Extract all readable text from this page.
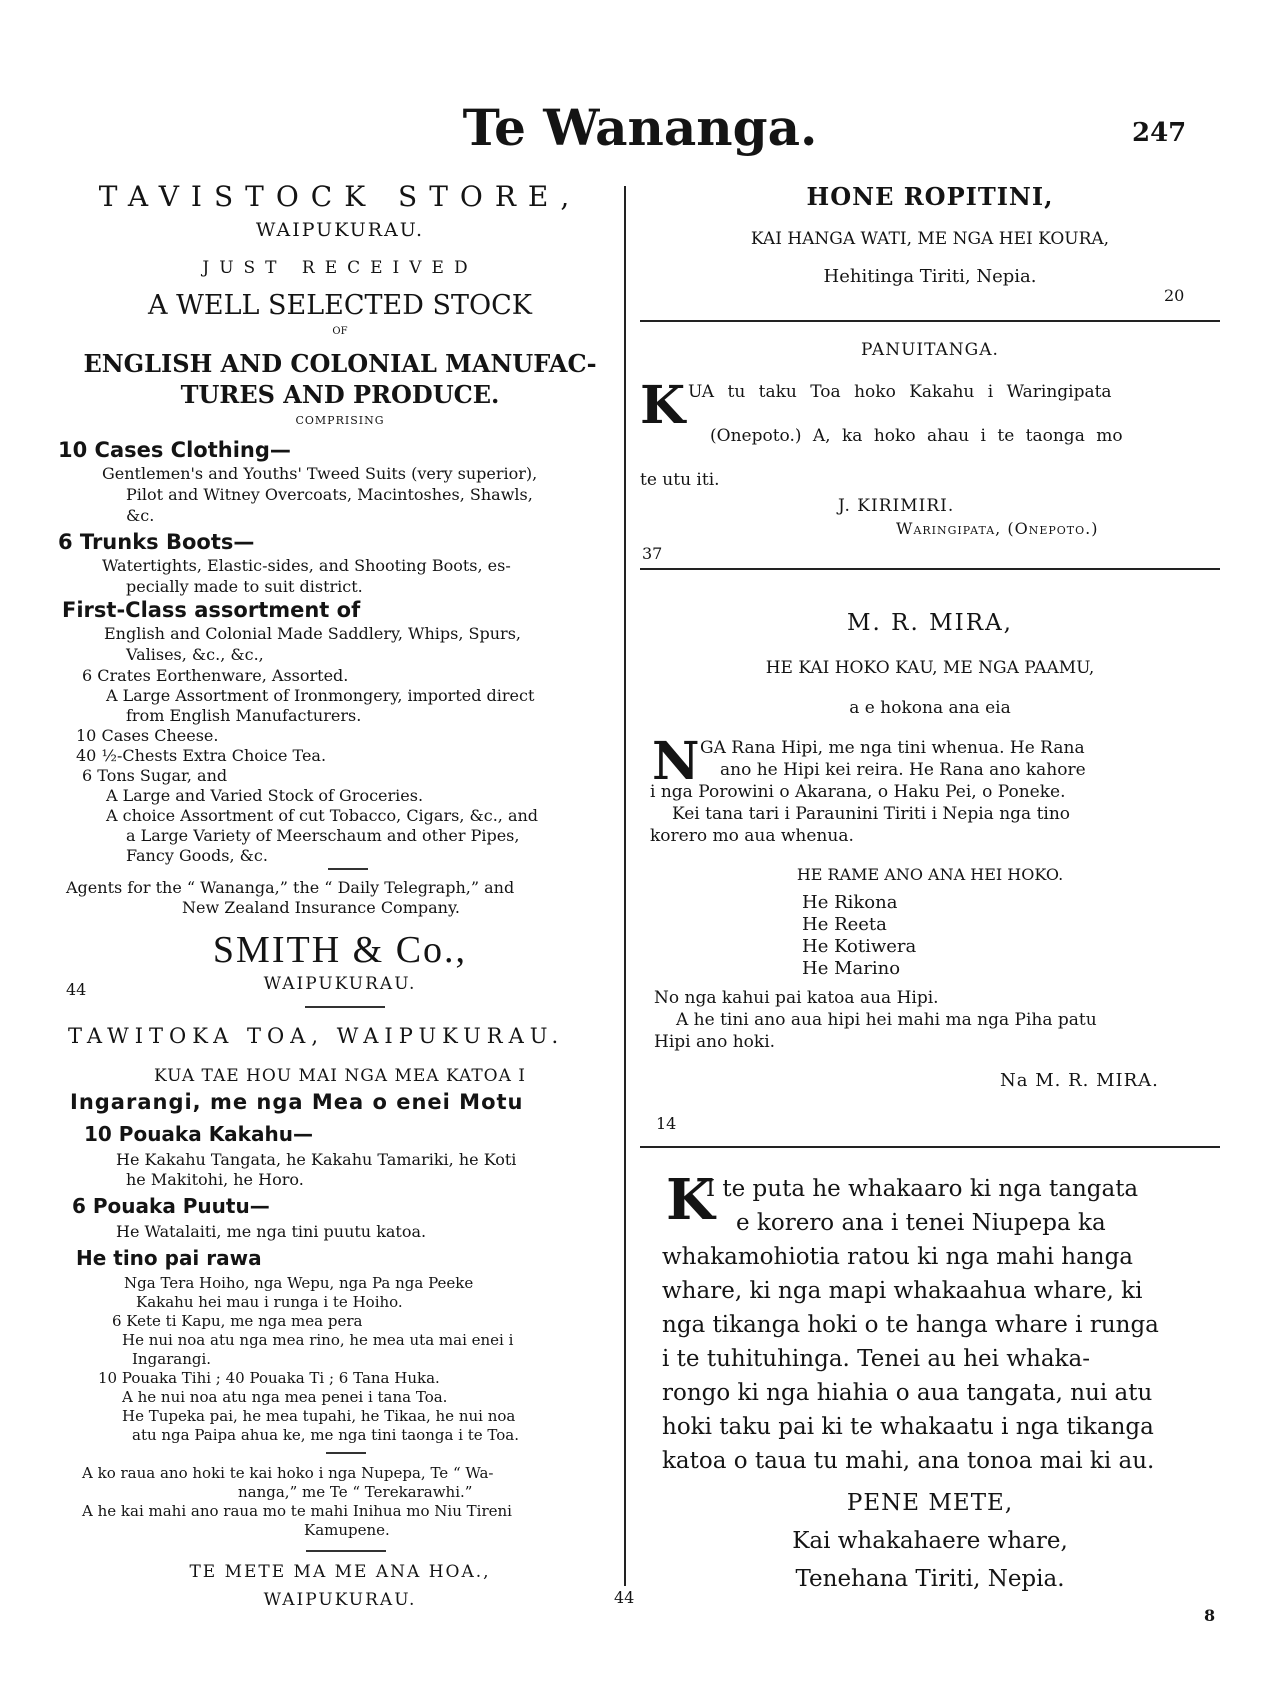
Te Wananga.	247
TAVISTOCK STORE,
WAIPUKURAU.
JUST RECEIVED
A WELL SELECTED STOCK
OF
ENGLISH AND COLONIAL MANUFAC-
TURES AND PRODUCE.
COMPRISING
10 Cases Clothing—
Gentlemen's and Youths' Tweed Suits (very superior),
Pilot and Witney Overcoats, Macintoshes, Shawls,
&c.
6 Trunks Boots—
Watertights, Elastic-sides, and Shooting Boots, es-
pecially made to suit district.
First-Class assortment of
English and Colonial Made Saddlery, Whips, Spurs,
Valises, &c., &c.,
6 Crates Eorthenware, Assorted.
A Large Assortment of Ironmongery, imported direct
from English Manufacturers.
10 Cases Cheese.
40 ½-Chests Extra Choice Tea.
6 Tons Sugar, and
A Large and Varied Stock of Groceries.
A choice Assortment of cut Tobacco, Cigars, &c., and
a Large Variety of Meerschaum and other Pipes,
Fancy Goods, &c.
Agents for the “ Wananga,” the “ Daily Telegraph,” and
New Zealand Insurance Company.
SMITH & Co.,
44	WAIPUKURAU.
TAWITOKA TOA, WAIPUKURAU.
KUA TAE HOU MAI NGA MEA KATOA I
Ingarangi, me nga Mea o enei Motu
10 Pouaka Kakahu—
He Kakahu Tangata, he Kakahu Tamariki, he Koti
he Makitohi, he Horo.
6 Pouaka Puutu—
He Watalaiti, me nga tini puutu katoa.
He tino pai rawa
Nga Tera Hoiho, nga Wepu, nga Pa nga Peeke
Kakahu hei mau i runga i te Hoiho.
6 Kete ti Kapu, me nga mea pera
He nui noa atu nga mea rino, he mea uta mai enei i
Ingarangi.
10 Pouaka Tihi ; 40 Pouaka Ti ; 6 Tana Huka.
A he nui noa atu nga mea penei i tana Toa.
He Tupeka pai, he mea tupahi, he Tikaa, he nui noa
atu nga Paipa ahua ke, me nga tini taonga i te Toa.
A ko raua ano hoki te kai hoko i nga Nupepa, Te “ Wa-
nanga,” me Te “ Terekarawhi.”
A he kai mahi ano raua mo te mahi Inihua mo Niu Tireni
Kamupene.
TE METE MA ME ANA HOA.,
WAIPUKURAU.	44
HONE ROPITINI,
KAI HANGA WATI, ME NGA HEI KOURA,
Hehitinga Tiriti, Nepia.
20
PANUITANGA.
K UA tu taku Toa hoko Kakahu i Waringipata
(Onepoto.) A, ka hoko ahau i te taonga mo
te utu iti.
J. KIRIMIRI.
Waringipata, (Onepoto.)
37
M. R. MIRA,
HE KAI HOKO KAU, ME NGA PAAMU,
a e hokona ana eia
N GA Rana Hipi, me nga tini whenua. He Rana
ano he Hipi kei reira. He Rana ano kahore
i nga Porowini o Akarana, o Haku Pei, o Poneke.
Kei tana tari i Paraunini Tiriti i Nepia nga tino
korero mo aua whenua.
HE RAME ANO ANA HEI HOKO.
He Rikona
He Reeta
He Kotiwera
He Marino
No nga kahui pai katoa aua Hipi.
A he tini ano aua hipi hei mahi ma nga Piha patu
Hipi ano hoki.
Na M. R. MIRA.
14
K
I te puta he whakaaro ki nga tangata
e korero ana i tenei Niupepa ka
whakamohiotia ratou ki nga mahi hanga
whare, ki nga mapi whakaahua whare, ki
nga tikanga hoki o te hanga whare i runga
i te tuhituhinga. Tenei au hei whaka-
rongo ki nga hiahia o aua tangata, nui atu
hoki taku pai ki te whakaatu i nga tikanga
katoa o taua tu mahi, ana tonoa mai ki au.
PENE METE,
Kai whakahaere whare,
Tenehana Tiriti, Nepia.
8
